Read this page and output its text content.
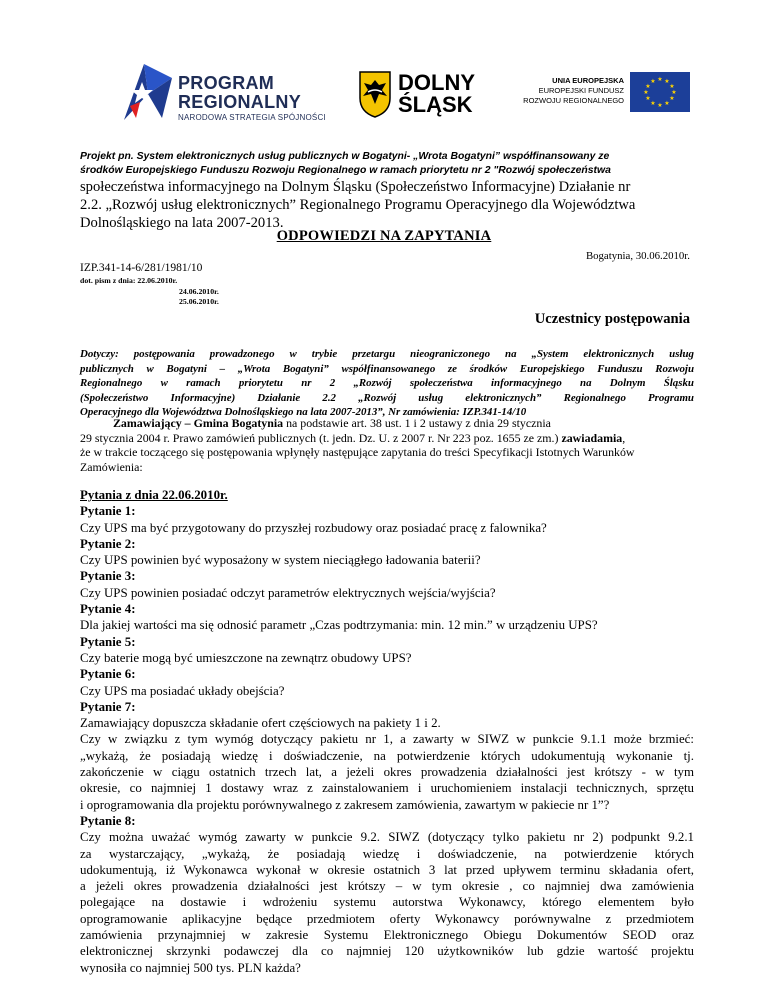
PROGRAM
REGIONALNY
NARODOWA STRATEGIA SPÓJNOŚCI
DOLNY
ŚLĄSK
UNIA EUROPEJSKA
EUROPEJSKI FUNDUSZ
ROZWOJU REGIONALNEGO
★ ★
★
★
★
★
★
★
★
★
★
★
Projekt pn. System elektronicznych usług publicznych w Bogatyni- „Wrota Bogatyni” współfinansowany ze
środków Europejskiego Funduszu Rozwoju Regionalnego w ramach priorytetu nr 2 "Rozwój społeczeństwa
społeczeństwa informacyjnego na Dolnym Śląsku (Społeczeństwo Informacyjne) Działanie nr
2.2. „Rozwój usług elektronicznych” Regionalnego Programu Operacyjnego dla Województwa
Dolnośląskiego na lata 2007-2013.
ODPOWIEDZI NA ZAPYTANIA
Bogatynia, 30.06.2010r.
IZP.341-14-6/281/1981/10
dot. pism z dnia: 22.06.2010r.
24.06.2010r.
25.06.2010r.
Uczestnicy postępowania
Dotyczy: postępowania prowadzonego w trybie przetargu nieograniczonego na „System elektronicznych usług
publicznych w Bogatyni – „Wrota Bogatyni” współfinansowanego ze środków Europejskiego Funduszu Rozwoju
Regionalnego w ramach priorytetu nr 2 „Rozwój społeczeństwa informacyjnego na Dolnym Śląsku
(Społeczeństwo Informacyjne) Działanie 2.2 „Rozwój usług elektronicznych” Regionalnego Programu
Operacyjnego dla Województwa Dolnośląskiego na lata 2007-2013”, Nr zamówienia: IZP.341-14/10
Zamawiający – Gmina Bogatynia na podstawie art. 38 ust. 1 i 2 ustawy z dnia 29 stycznia
29 stycznia 2004 r. Prawo zamówień publicznych (t. jedn. Dz. U. z 2007 r. Nr 223 poz. 1655 ze zm.) zawiadamia,
że w trakcie toczącego się postępowania wpłynęły następujące zapytania do treści Specyfikacji Istotnych Warunków
Zamówienia:
Pytania z dnia 22.06.2010r.
Pytanie 1:
Czy UPS ma być przygotowany do przyszłej rozbudowy oraz posiadać pracę z falownika?
Pytanie 2:
Czy UPS powinien być wyposażony w system nieciągłego ładowania baterii?
Pytanie 3:
Czy UPS powinien posiadać odczyt parametrów elektrycznych wejścia/wyjścia?
Pytanie 4:
Dla jakiej wartości ma się odnosić parametr „Czas podtrzymania: min. 12 min.” w urządzeniu UPS?
Pytanie 5:
Czy baterie mogą być umieszczone na zewnątrz obudowy UPS?
Pytanie 6:
Czy UPS ma posiadać układy obejścia?
Pytanie 7:
Zamawiający dopuszcza składanie ofert częściowych na pakiety 1 i 2.
Czy w związku z tym wymóg dotyczący pakietu nr 1, a zawarty w SIWZ w punkcie 9.1.1 może brzmieć:
„wykażą, że posiadają wiedzę i doświadczenie, na potwierdzenie których udokumentują wykonanie tj.
zakończenie w ciągu ostatnich trzech lat, a jeżeli okres prowadzenia działalności jest krótszy - w tym
okresie, co najmniej 1 dostawy wraz z zainstalowaniem i uruchomieniem instalacji technicznych, sprzętu
i oprogramowania dla projektu porównywalnego z zakresem zamówienia, zawartym w pakiecie nr 1”?
Pytanie 8:
Czy można uważać wymóg zawarty w punkcie 9.2. SIWZ (dotyczący tylko pakietu nr 2) podpunkt 9.2.1
za wystarczający, „wykażą, że posiadają wiedzę i doświadczenie, na potwierdzenie których
udokumentują, iż Wykonawca wykonał w okresie ostatnich 3 lat przed upływem terminu składania ofert,
a jeżeli okres prowadzenia działalności jest krótszy – w tym okresie , co najmniej dwa zamówienia
polegające na dostawie i wdrożeniu systemu autorstwa Wykonawcy, którego elementem było
oprogramowanie aplikacyjne będące przedmiotem oferty Wykonawcy porównywalne z przedmiotem
zamówienia przynajmniej w zakresie Systemu Elektronicznego Obiegu Dokumentów SEOD oraz
elektronicznej skrzynki podawczej dla co najmniej 120 użytkowników lub gdzie wartość projektu
wynosiła co najmniej 500 tys. PLN każda?
